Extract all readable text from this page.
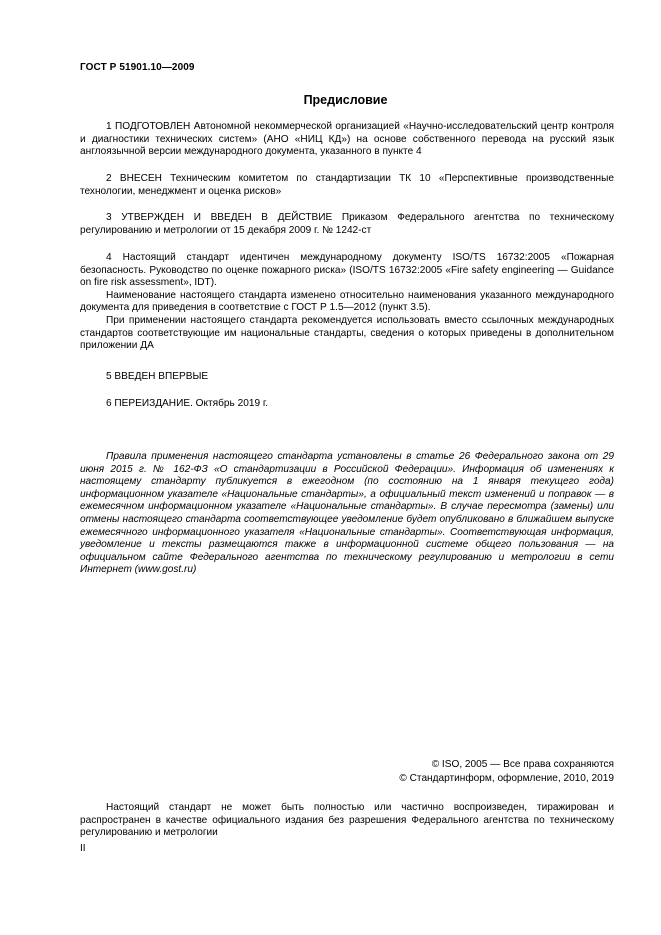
ГОСТ Р 51901.10—2009
Предисловие

1 ПОДГОТОВЛЕН Автономной некоммерческой организацией «Научно-исследовательский центр контроля и диагностики технических систем» (АНО «НИЦ КД») на основе собственного перевода на русский язык англоязычной версии международного документа, указанного в пункте 4

2 ВНЕСЕН Техническим комитетом по стандартизации ТК 10 «Перспективные производственные технологии, менеджмент и оценка рисков»

3 УТВЕРЖДЕН И ВВЕДЕН В ДЕЙСТВИЕ Приказом Федерального агентства по техническому регулированию и метрологии от 15 декабря 2009 г. № 1242-ст

4 Настоящий стандарт идентичен международному документу ISO/TS 16732:2005 «Пожарная безопасность. Руководство по оценке пожарного риска» (ISO/TS 16732:2005 «Fire safety engineering — Guidance on fire risk assessment», IDT).

Наименование настоящего стандарта изменено относительно наименования указанного международного документа для приведения в соответствие с ГОСТ Р 1.5—2012 (пункт 3.5).

При применении настоящего стандарта рекомендуется использовать вместо ссылочных международных стандартов соответствующие им национальные стандарты, сведения о которых приведены в дополнительном приложении ДА

5 ВВЕДЕН ВПЕРВЫЕ

6 ПЕРЕИЗДАНИЕ. Октябрь 2019 г.

Правила применения настоящего стандарта установлены в статье 26 Федерального закона от 29 июня 2015 г. № 162-ФЗ «О стандартизации в Российской Федерации». Информация об изменениях к настоящему стандарту публикуется в ежегодном (по состоянию на 1 января текущего года) информационном указателе «Национальные стандарты», а официальный текст изменений и поправок — в ежемесячном информационном указателе «Национальные стандарты». В случае пересмотра (замены) или отмены настоящего стандарта соответствующее уведомление будет опубликовано в ближайшем выпуске ежемесячного информационного указателя «Национальные стандарты». Соответствующая информация, уведомление и тексты размещаются также в информационной системе общего пользования — на официальном сайте Федерального агентства по техническому регулированию и метрологии в сети Интернет (www.gost.ru)

© ISO, 2005 — Все права сохраняются
© Стандартинформ, оформление, 2010, 2019

Настоящий стандарт не может быть полностью или частично воспроизведен, тиражирован и распространен в качестве официального издания без разрешения Федерального агентства по техническому регулированию и метрологии

II
